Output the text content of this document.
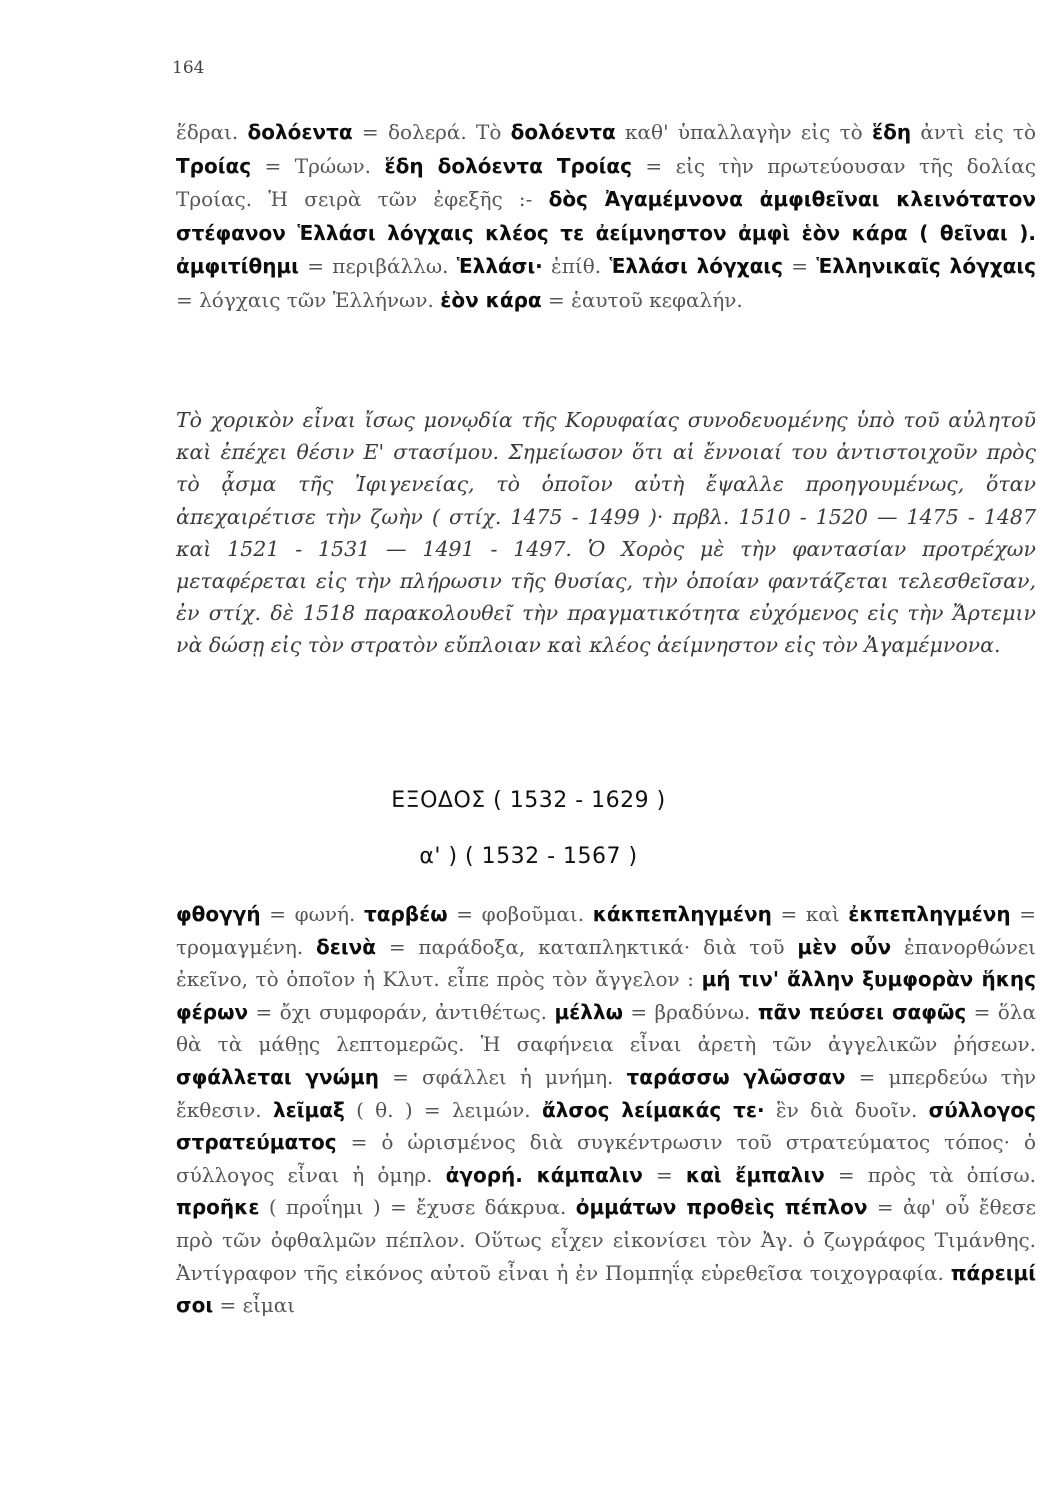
164
ἕδραι. δολόεντα = δολερά. Τὸ δολόεντα καθ' ὑπαλλαγὴν εἰς τὸ ἕδη ἀντὶ εἰς τὸ Τροίας = Τρώων. ἕδη δολόεντα Τροίας = εἰς τὴν πρωτεύουσαν τῆς δολίας Τροίας. Ἡ σειρὰ τῶν ἐφεξῆς :- δὸς Ἀγαμέμνονα ἀμφιθεῖναι κλεινότατον στέφανον Ἑλλάσι λόγχαις κλέος τε ἀείμνηστον ἀμφὶ ἑὸν κάρα ( θεῖναι ). ἀμφιτίθημι = περιβάλλω. Ἑλλάσι· ἐπίθ. Ἑλλάσι λόγχαις = Ἑλληνικαῖς λόγχαις = λόγχαις τῶν Ἑλλήνων. ἑὸν κάρα = ἑαυτοῦ κεφαλήν.
Τὸ χορικὸν εἶναι ἴσως μονῳδία τῆς Κορυφαίας συνοδευομένης ὑπὸ τοῦ αὐλητοῦ καὶ ἐπέχει θέσιν Ε' στασίμου. Σημείωσον ὅτι αἱ ἔννοιαί του ἀντιστοιχοῦν πρὸς τὸ ᾆσμα τῆς Ἰφιγενείας, τὸ ὁποῖον αὐτὴ ἔψαλλε προηγουμένως, ὅταν ἀπεχαιρέτισε τὴν ζωὴν ( στίχ. 1475 - 1499 )· πρβλ. 1510 - 1520 — 1475 - 1487 καὶ 1521 - 1531 — 1491 - 1497. Ὁ Χορὸς μὲ τὴν φαντασίαν προτρέχων μεταφέρεται εἰς τὴν πλήρωσιν τῆς θυσίας, τὴν ὁποίαν φαντάζεται τελεσθεῖσαν, ἐν στίχ. δὲ 1518 παρακολουθεῖ τὴν πραγματικότητα εὐχόμενος εἰς τὴν Ἄρτεμιν νὰ δώσῃ εἰς τὸν στρατὸν εὔπλοιαν καὶ κλέος ἀείμνηστον εἰς τὸν Ἀγαμέμνονα.
ΕΞΟΔΟΣ ( 1532 - 1629 )
α' ) ( 1532 - 1567 )
φθογγή = φωνή. ταρβέω = φοβοῦμαι. κάκπεπληγμένη = καὶ ἐκπεπληγμένη = τρομαγμένη. δεινὰ = παράδοξα, καταπληκτικά· διὰ τοῦ μὲν οὖν ἐπανορθώνει ἐκεῖνο, τὸ ὁποῖον ἡ Κλυτ. εἶπε πρὸς τὸν ἄγγελον : μή τιν' ἄλλην ξυμφορὰν ἥκης φέρων = ὄχι συμφοράν, ἀντιθέτως. μέλλω = βραδύνω. πᾶν πεύσει σαφῶς = ὅλα θὰ τὰ μάθῃς λεπτομερῶς. Ἡ σαφήνεια εἶναι ἀρετὴ τῶν ἀγγελικῶν ῥήσεων. σφάλλεται γνώμη = σφάλλει ἡ μνήμη. ταράσσω γλῶσσαν = μπερδεύω τὴν ἔκθεσιν. λεῖμαξ ( θ. ) = λειμών. ἄλσος λείμακάς τε· ἓν διὰ δυοῖν. σύλλογος στρατεύματος = ὁ ὡρισμένος διὰ συγκέντρωσιν τοῦ στρατεύματος τόπος· ὁ σύλλογος εἶναι ἡ ὁμηρ. ἀγορή. κάμπαλιν = καὶ ἔμπαλιν = πρὸς τὰ ὀπίσω. προῆκε ( προΐημι ) = ἔχυσε δάκρυα. ὀμμάτων προθεὶς πέπλον = ἀφ' οὗ ἔθεσε πρὸ τῶν ὀφθαλμῶν πέπλον. Οὕτως εἶχεν εἰκονίσει τὸν Ἀγ. ὁ ζωγράφος Τιμάνθης. Ἀντίγραφον τῆς εἰκόνος αὐτοῦ εἶναι ἡ ἐν Πομπηΐᾳ εὑρεθεῖσα τοιχογραφία. πάρειμί σοι = εἶμαι
